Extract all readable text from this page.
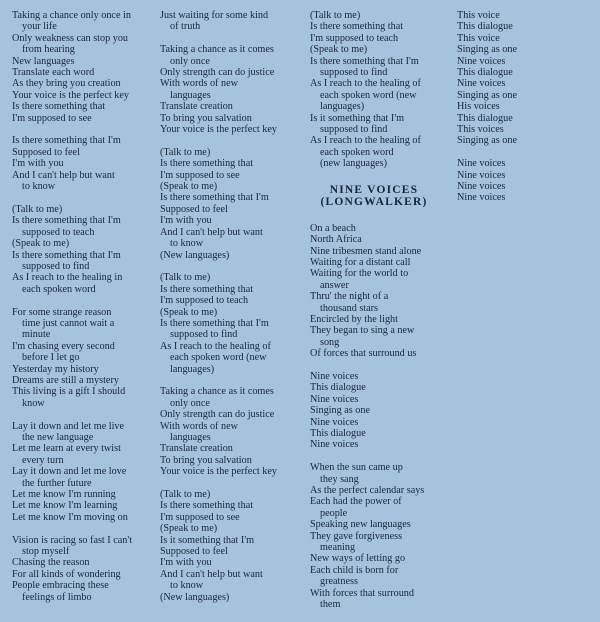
Taking a chance only once in
your life
Only weakness can stop you
from hearing
New languages
Translate each word
As they bring you creation
Your voice is the perfect key
Is there something that
I'm supposed to see
Is there something that I'm
Supposed to feel
I'm with you
And I can't help but want
to know
(Talk to me)
Is there something that I'm
supposed to teach
(Speak to me)
Is there something that I'm
supposed to find
As I reach to the healing in
each spoken word
For some strange reason
time just cannot wait a
minute
I'm chasing every second
before I let go
Yesterday my history
Dreams are still a mystery
This living is a gift I should
know
Lay it down and let me live
the new language
Let me learn at every twist
every turn
Lay it down and let me love
the further future
Let me know I'm running
Let me know I'm learning
Let me know I'm moving on
Vision is racing so fast I can't
stop myself
Chasing the reason
For all kinds of wondering
People embracing these
feelings of limbo
Just waiting for some kind
of truth
Taking a chance as it comes
only once
Only strength can do justice
With words of new
languages
Translate creation
To bring you salvation
Your voice is the perfect key
(Talk to me)
Is there something that
I'm supposed to see
(Speak to me)
Is there something that I'm
Supposed to feel
I'm with you
And I can't help but want
to know
(New languages)
(Talk to me)
Is there something that
I'm supposed to teach
(Speak to me)
Is there something that I'm
supposed to find
As I reach to the healing of
each spoken word (new
languages)
Taking a chance as it comes
only once
Only strength can do justice
With words of new
languages
Translate creation
To bring you salvation
Your voice is the perfect key
(Talk to me)
Is there something that
I'm supposed to see
(Speak to me)
Is it something that I'm
Supposed to feel
I'm with you
And I can't help but want
to know
(New languages)
(Talk to me)
Is there something that
I'm supposed to teach
(Speak to me)
Is there something that I'm
supposed to find
As I reach to the healing of
each spoken word (new
languages)
Is it something that I'm
supposed to find
As I reach to the healing of
each spoken word
(new languages)
NINE VOICES (LONGWALKER)
On a beach
North Africa
Nine tribesmen stand alone
Waiting for a distant call
Waiting for the world to
answer
Thru' the night of a
thousand stars
Encircled by the light
They began to sing a new
song
Of forces that surround us
Nine voices
This dialogue
Nine voices
Singing as one
Nine voices
This dialogue
Nine voices
When the sun came up
they sang
As the perfect calendar says
Each had the power of
people
Speaking new languages
They gave forgiveness
meaning
New ways of letting go
Each child is born for
greatness
With forces that surround
them
This voice
This dialogue
This voice
Singing as one
Nine voices
This dialogue
Nine voices
Singing as one
His voices
This dialogue
This voices
Singing as one
Nine voices
Nine voices
Nine voices
Nine voices
